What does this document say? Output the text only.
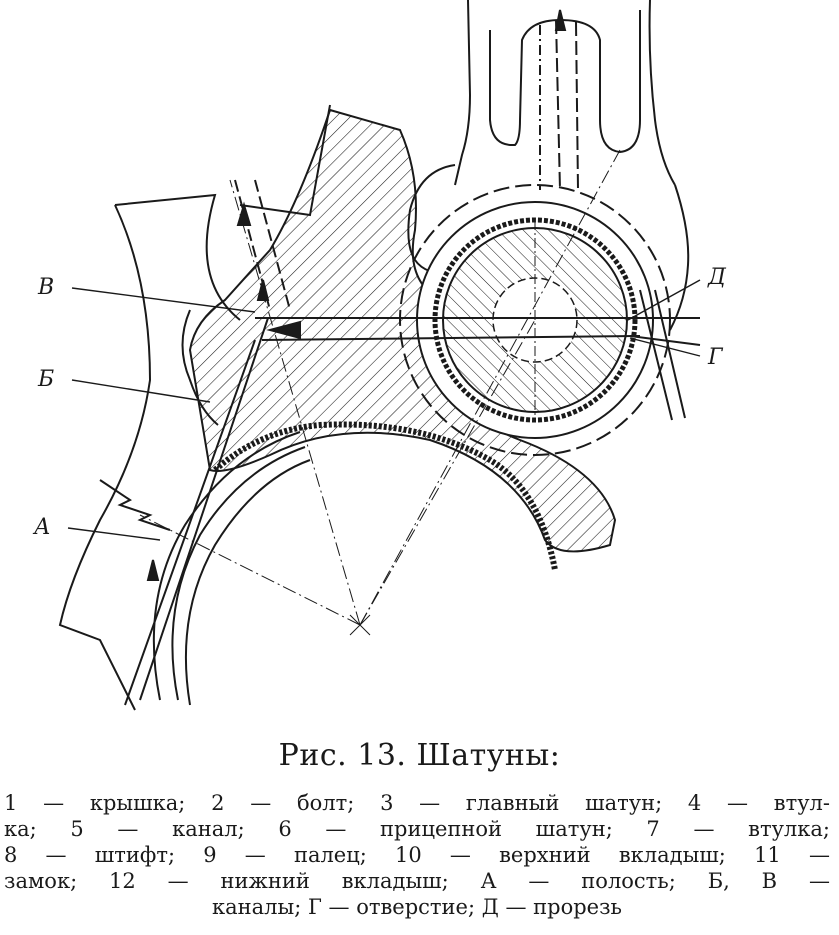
В
Б
А
Д
Г
Рис. 13. Шатуны:

1 — крышка; 2 — болт; 3 — главный шатун; 4 — втул-
ка; 5 — канал; 6 — прицепной шатун; 7 — втулка;
8 — штифт; 9 — палец; 10 — верхний вкладыш; 11 —
замок; 12 — нижний вкладыш; А — полость; Б, В —
каналы; Г — отверстие; Д — прорезь
